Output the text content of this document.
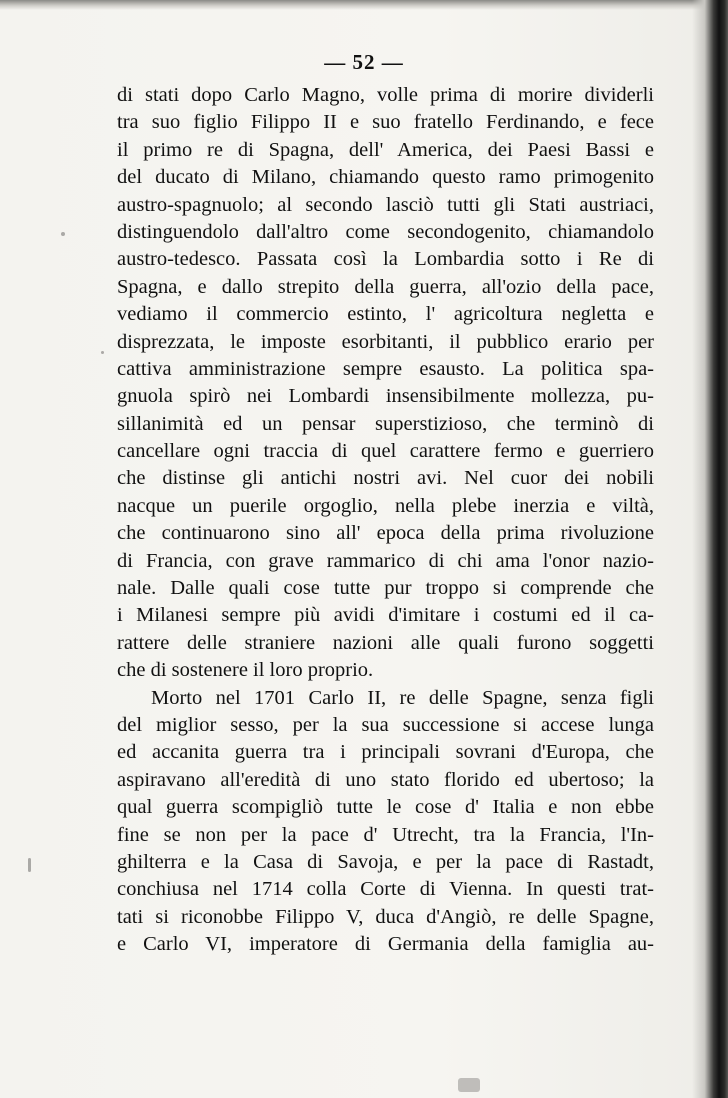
— 52 —
di stati dopo Carlo Magno, volle prima di morire dividerli
tra suo figlio Filippo II e suo fratello Ferdinando, e fece
il primo re di Spagna, dell' America, dei Paesi Bassi e
del ducato di Milano, chiamando questo ramo primogenito
austro-spagnuolo; al secondo lasciò tutti gli Stati austriaci,
distinguendolo dall'altro come secondogenito, chiamandolo
austro-tedesco. Passata così la Lombardia sotto i Re di
Spagna, e dallo strepito della guerra, all'ozio della pace,
vediamo il commercio estinto, l' agricoltura negletta e
disprezzata, le imposte esorbitanti, il pubblico erario per
cattiva amministrazione sempre esausto. La politica spa-
gnuola spirò nei Lombardi insensibilmente mollezza, pu-
sillanimità ed un pensar superstizioso, che terminò di
cancellare ogni traccia di quel carattere fermo e guerriero
che distinse gli antichi nostri avi. Nel cuor dei nobili
nacque un puerile orgoglio, nella plebe inerzia e viltà,
che continuarono sino all' epoca della prima rivoluzione
di Francia, con grave rammarico di chi ama l'onor nazio-
nale. Dalle quali cose tutte pur troppo si comprende che
i Milanesi sempre più avidi d'imitare i costumi ed il ca-
rattere delle straniere nazioni alle quali furono soggetti
che di sostenere il loro proprio.
Morto nel 1701 Carlo II, re delle Spagne, senza figli
del miglior sesso, per la sua successione si accese lunga
ed accanita guerra tra i principali sovrani d'Europa, che
aspiravano all'eredità di uno stato florido ed ubertoso; la
qual guerra scompigliò tutte le cose d' Italia e non ebbe
fine se non per la pace d' Utrecht, tra la Francia, l'In-
ghilterra e la Casa di Savoja, e per la pace di Rastadt,
conchiusa nel 1714 colla Corte di Vienna. In questi trat-
tati si riconobbe Filippo V, duca d'Angiò, re delle Spagne,
e Carlo VI, imperatore di Germania della famiglia au-
